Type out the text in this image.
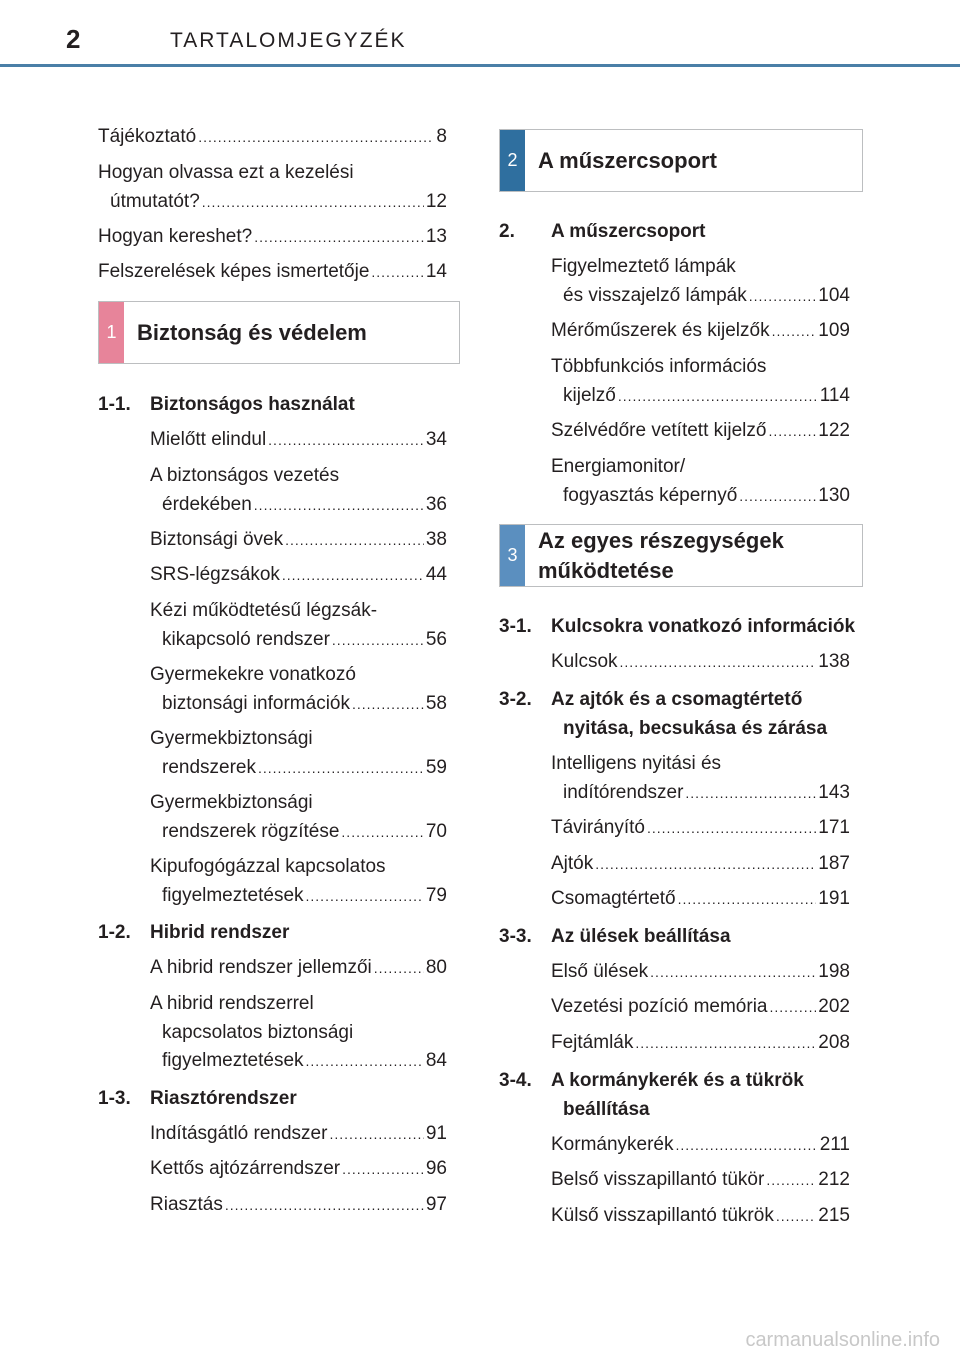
2	TARTALOMJEGYZÉK
Tájékoztató .....	8
Hogyan olvassa ezt a kezelési
útmutatót? .....	12
Hogyan kereshet? .....	13
Felszerelések képes ismertetője .....	14
1 Biztonság és védelem
1-1. Biztonságos használat
Mielőtt elindul .....	34
A biztonságos vezetés
érdekében .....	36
Biztonsági övek .....	38
SRS-légzsákok .....	44
Kézi működtetésű légzsák-
kikapcsoló rendszer .....	56
Gyermekekre vonatkozó
biztonsági információk .....	58
Gyermekbiztonsági
rendszerek .....	59
Gyermekbiztonsági
rendszerek rögzítése .....	70
Kipufogógázzal kapcsolatos
figyelmeztetések .....	79
1-2. Hibrid rendszer
A hibrid rendszer jellemzői .....	80
A hibrid rendszerrel
kapcsolatos biztonsági
figyelmeztetések .....	84
1-3. Riasztórendszer
Indításgátló rendszer .....	91
Kettős ajtózárrendszer .....	96
Riasztás .....	97
2 A műszercsoport
2. A műszercsoport
Figyelmeztető lámpák
és visszajelző lámpák .....	104
Mérőműszerek és kijelzők .....	109
Többfunkciós információs
kijelző .....	114
Szélvédőre vetített kijelző .....	122
Energiamonitor/
fogyasztás képernyő .....	130
3
Az egyes részegységek
működtetése
3-1. Kulcsokra vonatkozó információk
Kulcsok .....	138
3-2. Az ajtók és a csomagtértető
nyitása, becsukása és zárása
Intelligens nyitási és
indítórendszer .....	143
Távirányító .....	171
Ajtók .....	187
Csomagtértető .....	191
3-3. Az ülések beállítása
Első ülések .....	198
Vezetési pozíció memória .....	202
Fejtámlák .....	208
3-4. A kormánykerék és a tükrök
beállítása
Kormánykerék .....	211
Belső visszapillantó tükör .....	212
Külső visszapillantó tükrök ..... 215
carmanualsonline.info
